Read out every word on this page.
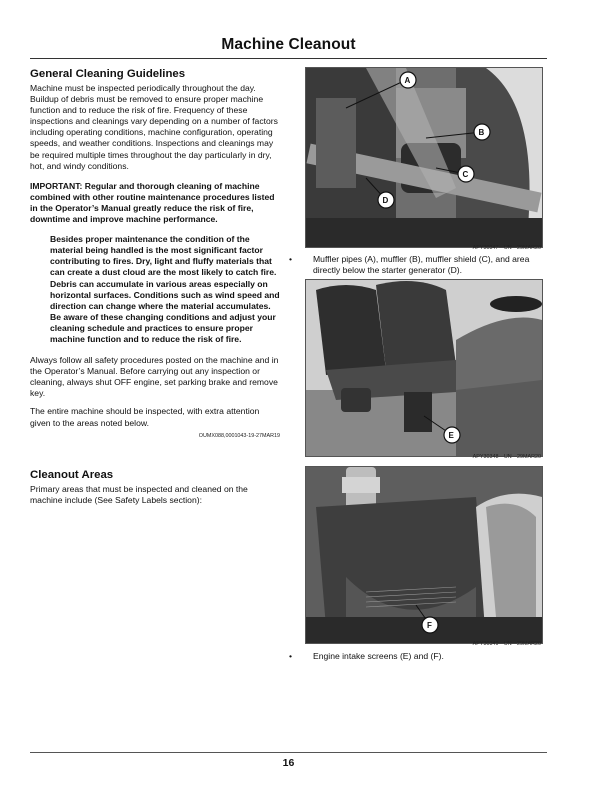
Machine Cleanout
General Cleaning Guidelines

Machine must be inspected periodically throughout the day. Buildup of debris must be removed to ensure proper machine function and to reduce the risk of fire. Frequency of these inspections and cleanings vary depending on a number of factors including operating conditions, machine configuration, operating speeds, and weather conditions. Inspections and cleanings may be required multiple times throughout the day particularly in dry, hot, and windy conditions.

IMPORTANT: Regular and thorough cleaning of machine combined with other routine maintenance procedures listed in the Operator’s Manual greatly reduce the risk of fire, downtime and improve machine performance.
Besides proper maintenance the condition of the material being handled is the most significant factor contributing to fires. Dry, light and fluffy materials that can create a dust cloud are the most likely to catch fire. Debris can accumulate in various areas especially on horizontal surfaces. Conditions such as wind speed and direction can change where the material accumulates. Be aware of these changing conditions and adjust your cleaning schedule and practices to ensure proper machine function and to reduce the risk of fire.

Always follow all safety procedures posted on the machine and in the Operator’s Manual. Before carrying out any inspection or cleaning, always shut OFF engine, set parking brake and remove key.

The entire machine should be inspected, with extra attention given to the areas noted below.

OUMX088,0001043-19-27MAR19
Cleanout Areas

Primary areas that must be inspected and cleaned on the machine include (See Safety Labels section):

A
B
C
D
APY30347—UN—29MAR20
•	Muffler pipes (A), muffler (B), muffler shield (C), and area directly below the starter generator (D).
E
APY30348—UN—29MAR20
F
APY30349—UN—29MAR20
•	Engine intake screens (E) and (F).
16
